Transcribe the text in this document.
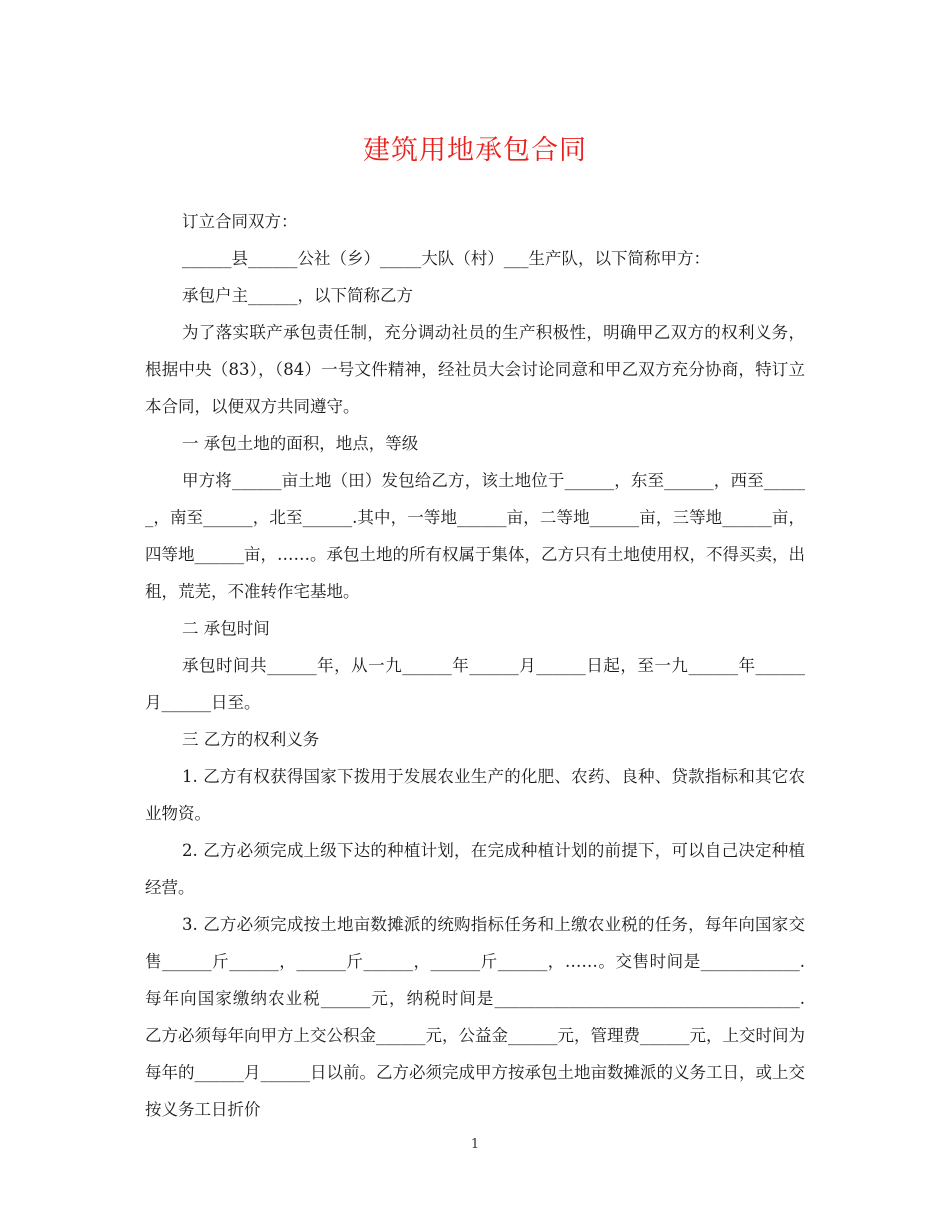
建筑用地承包合同

订立合同双方：

______县______公社（乡）_____大队（村）___生产队，以下简称甲方：

承包户主______，以下简称乙方

为了落实联产承包责任制，充分调动社员的生产积极性，明确甲乙双方的权利义务，根据中央（83），（84）一号文件精神，经社员大会讨论同意和甲乙双方充分协商，特订立本合同，以便双方共同遵守。

一 承包土地的面积，地点，等级

甲方将______亩土地（田）发包给乙方，该土地位于______，东至______，西至______，南至______，北至______.其中，一等地______亩，二等地______亩，三等地______亩，四等地______亩，……。承包土地的所有权属于集体，乙方只有土地使用权，不得买卖，出租，荒芜，不准转作宅基地。

二 承包时间

承包时间共______年，从一九______年______月______日起，至一九______年______月______日至。

三 乙方的权利义务

1. 乙方有权获得国家下拨用于发展农业生产的化肥、农药、良种、贷款指标和其它农业物资。

2. 乙方必须完成上级下达的种植计划，在完成种植计划的前提下，可以自己决定种植经营。

3. 乙方必须完成按土地亩数摊派的统购指标任务和上缴农业税的任务，每年向国家交售______斤______，______斤______，______斤______，……。交售时间是____________. 每年向国家缴纳农业税______元，纳税时间是_____________________________________. 乙方必须每年向甲方上交公积金______元，公益金______元，管理费______元，上交时间为每年的______月______日以前。乙方必须完成甲方按承包土地亩数摊派的义务工日，或上交按义务工日折价

1
